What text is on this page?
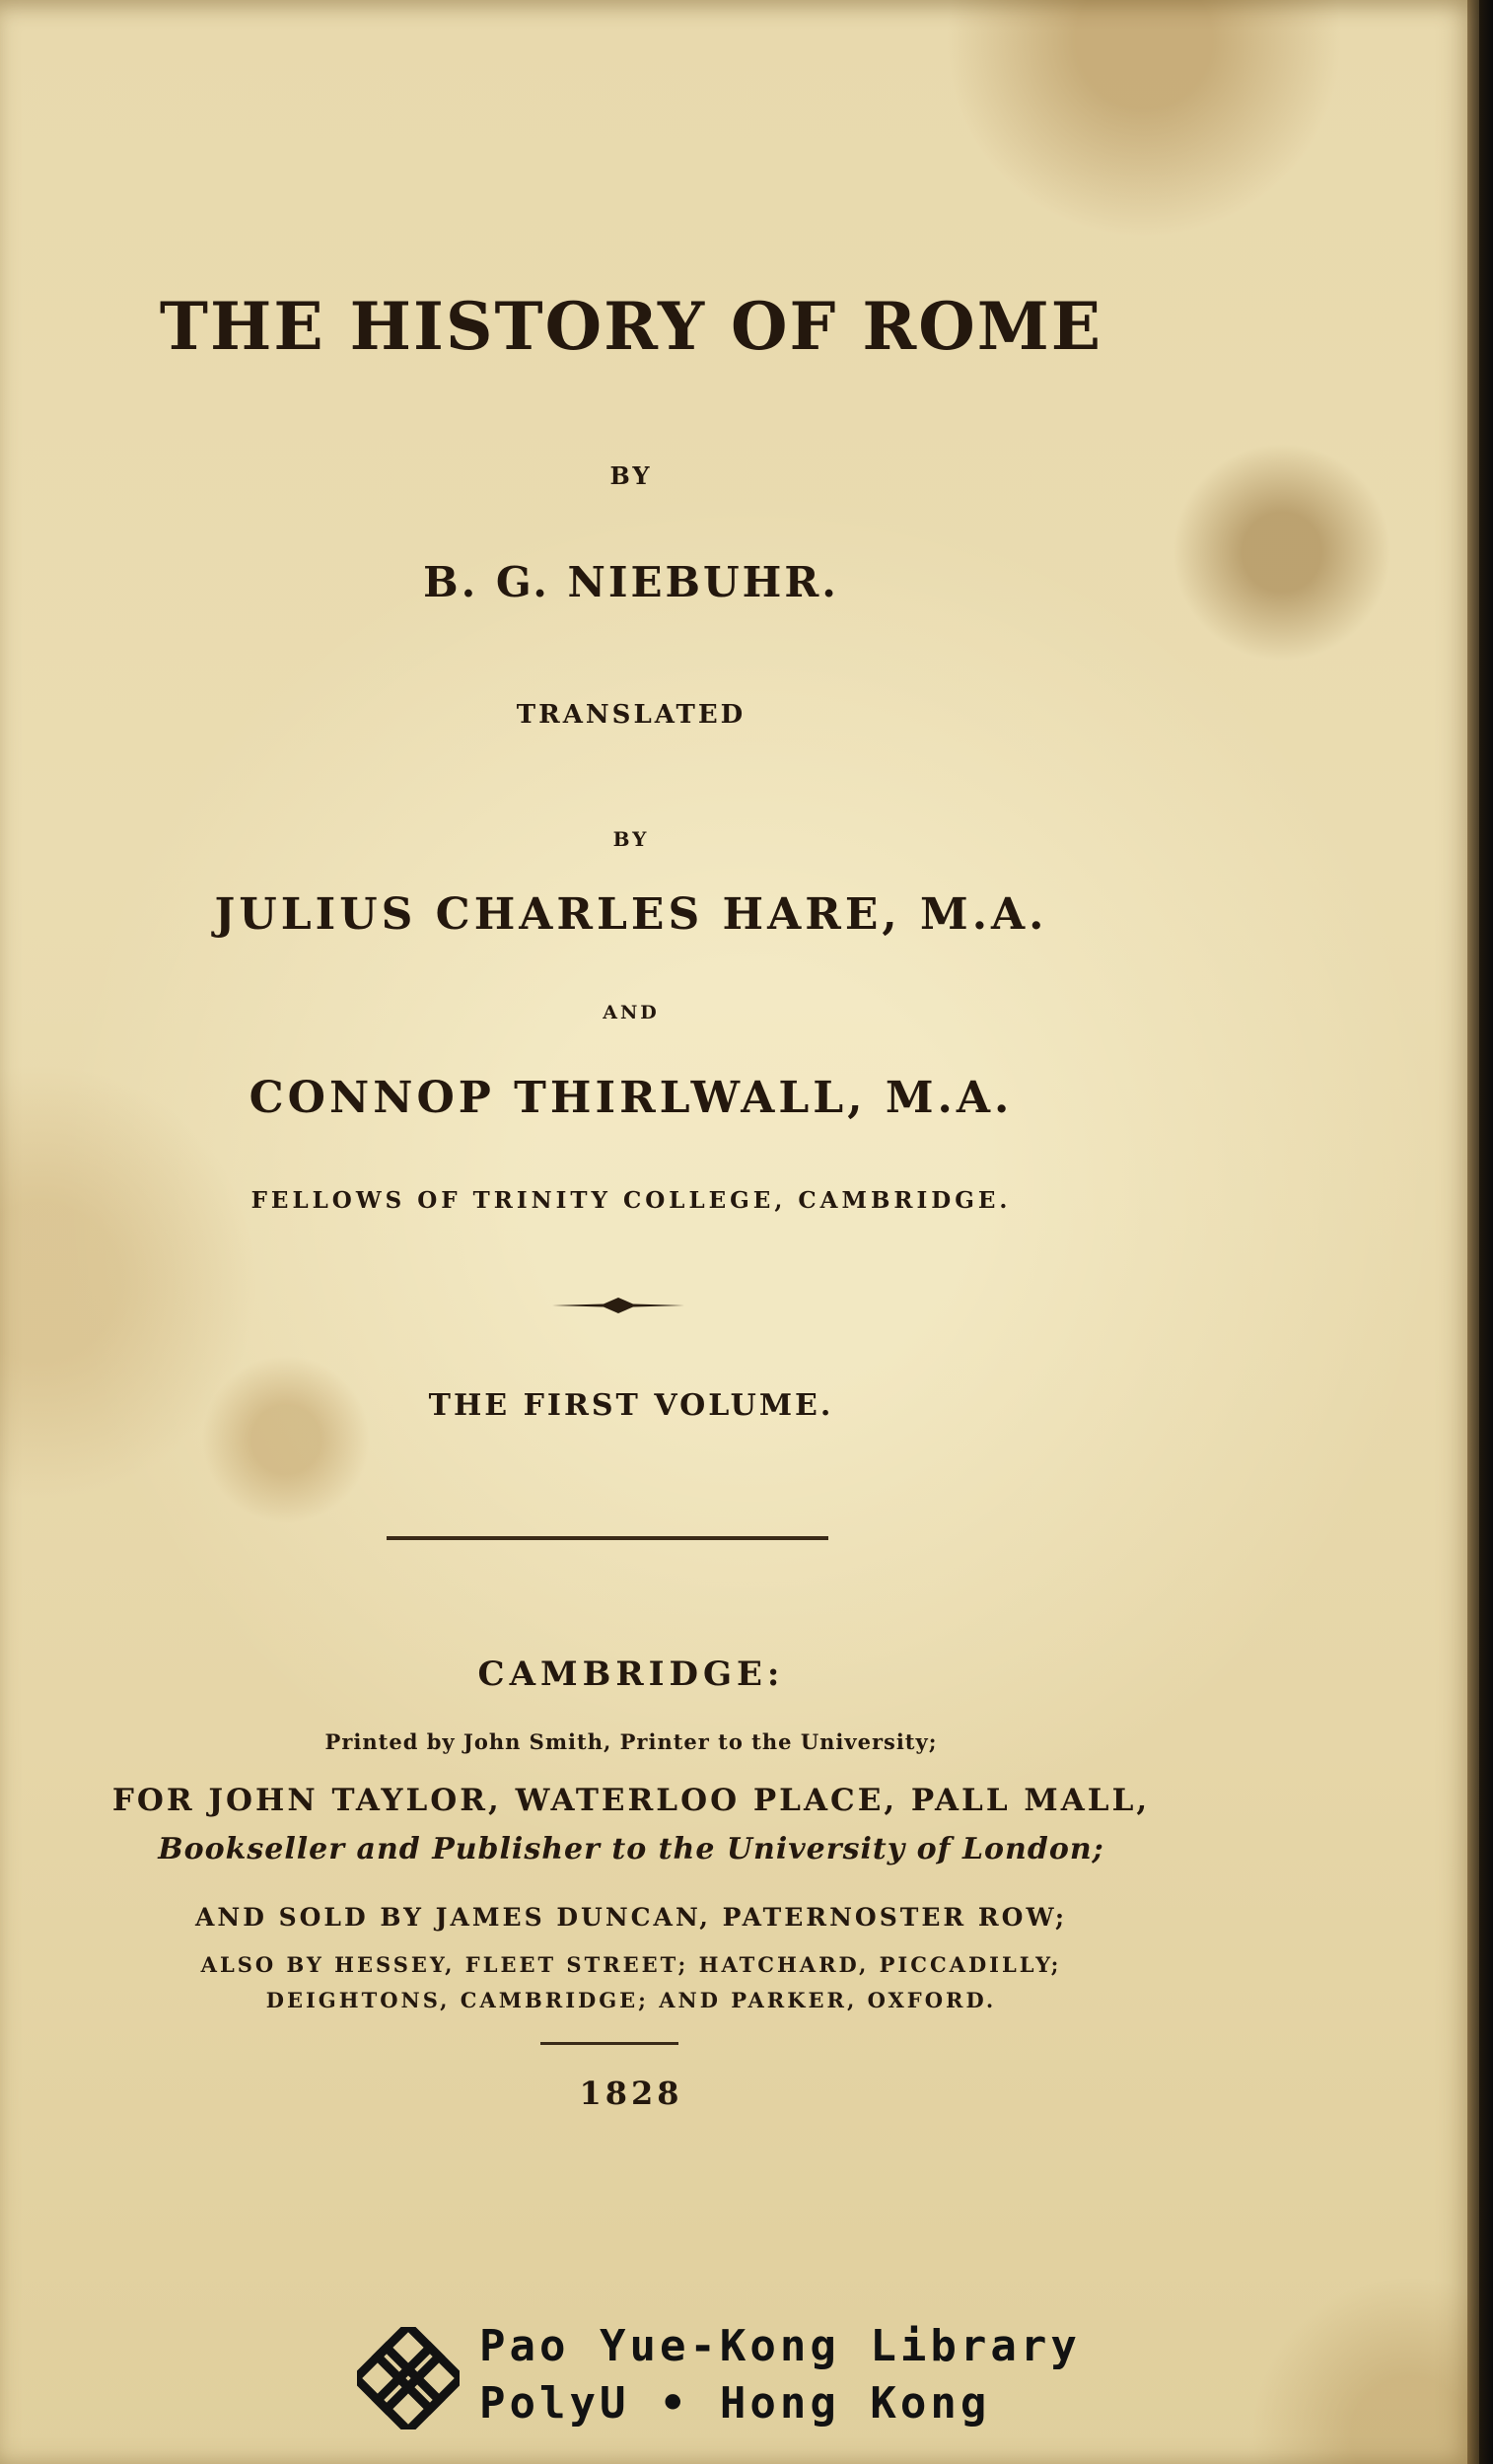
THE HISTORY OF ROME

BY

B. G. NIEBUHR.

TRANSLATED

BY

JULIUS CHARLES HARE, M.A.

AND

CONNOP THIRLWALL, M.A.

FELLOWS OF TRINITY COLLEGE, CAMBRIDGE.

THE FIRST VOLUME.

CAMBRIDGE:

Printed by John Smith, Printer to the University;

FOR JOHN TAYLOR, WATERLOO PLACE, PALL MALL,

Bookseller and Publisher to the University of London;

AND SOLD BY JAMES DUNCAN, PATERNOSTER ROW;

ALSO BY HESSEY, FLEET STREET; HATCHARD, PICCADILLY;

DEIGHTONS, CAMBRIDGE; AND PARKER, OXFORD.

1828

Pao Yue-Kong Library

PolyU • Hong Kong
